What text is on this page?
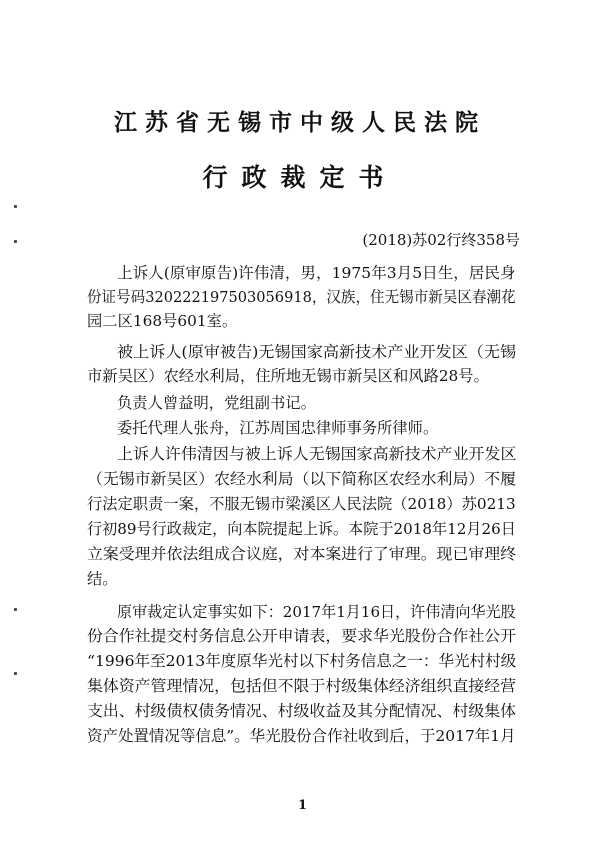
江苏省无锡市中级人民法院
行政裁定书
(2018)苏02行终358号
上诉人(原审原告)许伟清，男，1975年3月5日生，居民身
份证号码320222197503056918，汉族，住无锡市新吴区春潮花
园二区168号601室。
被上诉人(原审被告)无锡国家高新技术产业开发区（无锡
市新吴区）农经水利局，住所地无锡市新吴区和风路28号。
负责人曾益明，党组副书记。
委托代理人张舟，江苏周国忠律师事务所律师。
上诉人许伟清因与被上诉人无锡国家高新技术产业开发区
（无锡市新吴区）农经水利局（以下简称区农经水利局）不履
行法定职责一案，不服无锡市梁溪区人民法院（2018）苏0213
行初89号行政裁定，向本院提起上诉。本院于2018年12月26日
立案受理并依法组成合议庭，对本案进行了审理。现已审理终
结。
原审裁定认定事实如下：2017年1月16日，许伟清向华光股
份合作社提交村务信息公开申请表，要求华光股份合作社公开
“1996年至2013年度原华光村以下村务信息之一：华光村村级
集体资产管理情况，包括但不限于村级集体经济组织直接经营
支出、村级债权债务情况、村级收益及其分配情况、村级集体
资产处置情况等信息”。华光股份合作社收到后，于2017年1月
1
